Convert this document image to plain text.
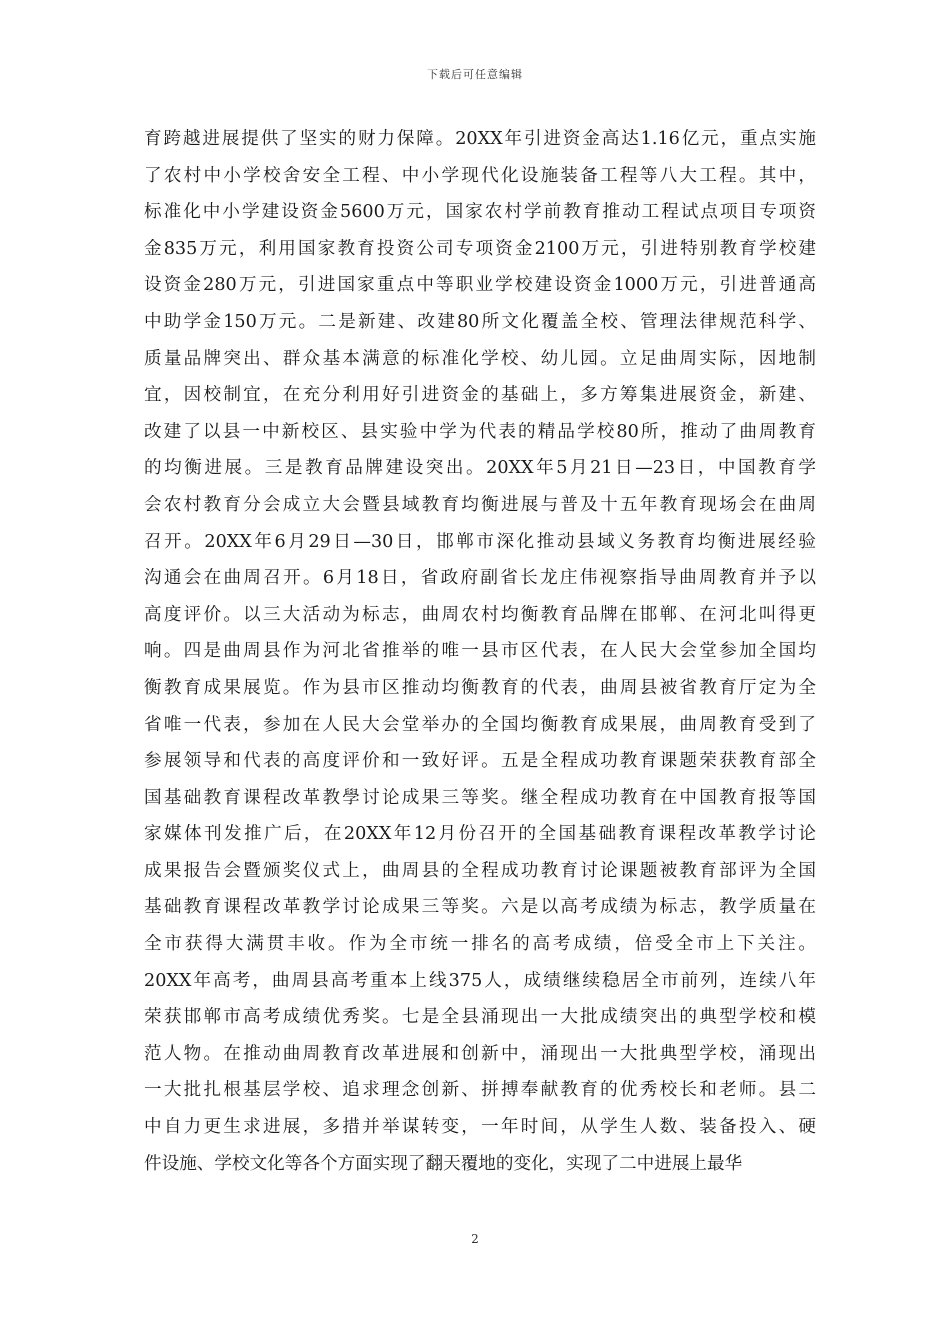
下载后可任意编辑
育跨越进展提供了坚实的财力保障。20XX年引进资金高达1.16亿元，重点实施
了农村中小学校舍安全工程、中小学现代化设施装备工程等八大工程。其中，
标准化中小学建设资金5600万元，国家农村学前教育推动工程试点项目专项资
金835万元，利用国家教育投资公司专项资金2100万元，引进特别教育学校建
设资金280万元，引进国家重点中等职业学校建设资金1000万元，引进普通高
中助学金150万元。二是新建、改建80所文化覆盖全校、管理法律规范科学、
质量品牌突出、群众基本满意的标准化学校、幼儿园。立足曲周实际，因地制
宜，因校制宜，在充分利用好引进资金的基础上，多方筹集进展资金，新建、
改建了以县一中新校区、县实验中学为代表的精品学校80所，推动了曲周教育
的均衡进展。三是教育品牌建设突出。20XX年5月21日—23日，中国教育学
会农村教育分会成立大会暨县域教育均衡进展与普及十五年教育现场会在曲周
召开。20XX年6月29日—30日，邯郸市深化推动县域义务教育均衡进展经验
沟通会在曲周召开。6月18日，省政府副省长龙庄伟视察指导曲周教育并予以
高度评价。以三大活动为标志，曲周农村均衡教育品牌在邯郸、在河北叫得更
响。四是曲周县作为河北省推举的唯一县市区代表，在人民大会堂参加全国均
衡教育成果展览。作为县市区推动均衡教育的代表，曲周县被省教育厅定为全
省唯一代表，参加在人民大会堂举办的全国均衡教育成果展，曲周教育受到了
参展领导和代表的高度评价和一致好评。五是全程成功教育课题荣获教育部全
国基础教育课程改革教學讨论成果三等奖。继全程成功教育在中国教育报等国
家媒体刊发推广后，在20XX年12月份召开的全国基础教育课程改革教学讨论
成果报告会暨颁奖仪式上，曲周县的全程成功教育讨论课题被教育部评为全国
基础教育课程改革教学讨论成果三等奖。六是以高考成绩为标志，教学质量在
全市获得大满贯丰收。作为全市统一排名的高考成绩，倍受全市上下关注。
20XX年高考，曲周县高考重本上线375人，成绩继续稳居全市前列，连续八年
荣获邯郸市高考成绩优秀奖。七是全县涌现出一大批成绩突出的典型学校和模
范人物。在推动曲周教育改革进展和创新中，涌现出一大批典型学校，涌现出
一大批扎根基层学校、追求理念创新、拼搏奉献教育的优秀校长和老师。县二
中自力更生求进展，多措并举谋转变，一年时间，从学生人数、装备投入、硬
件设施、学校文化等各个方面实现了翻天覆地的变化，实现了二中进展上最华
2
